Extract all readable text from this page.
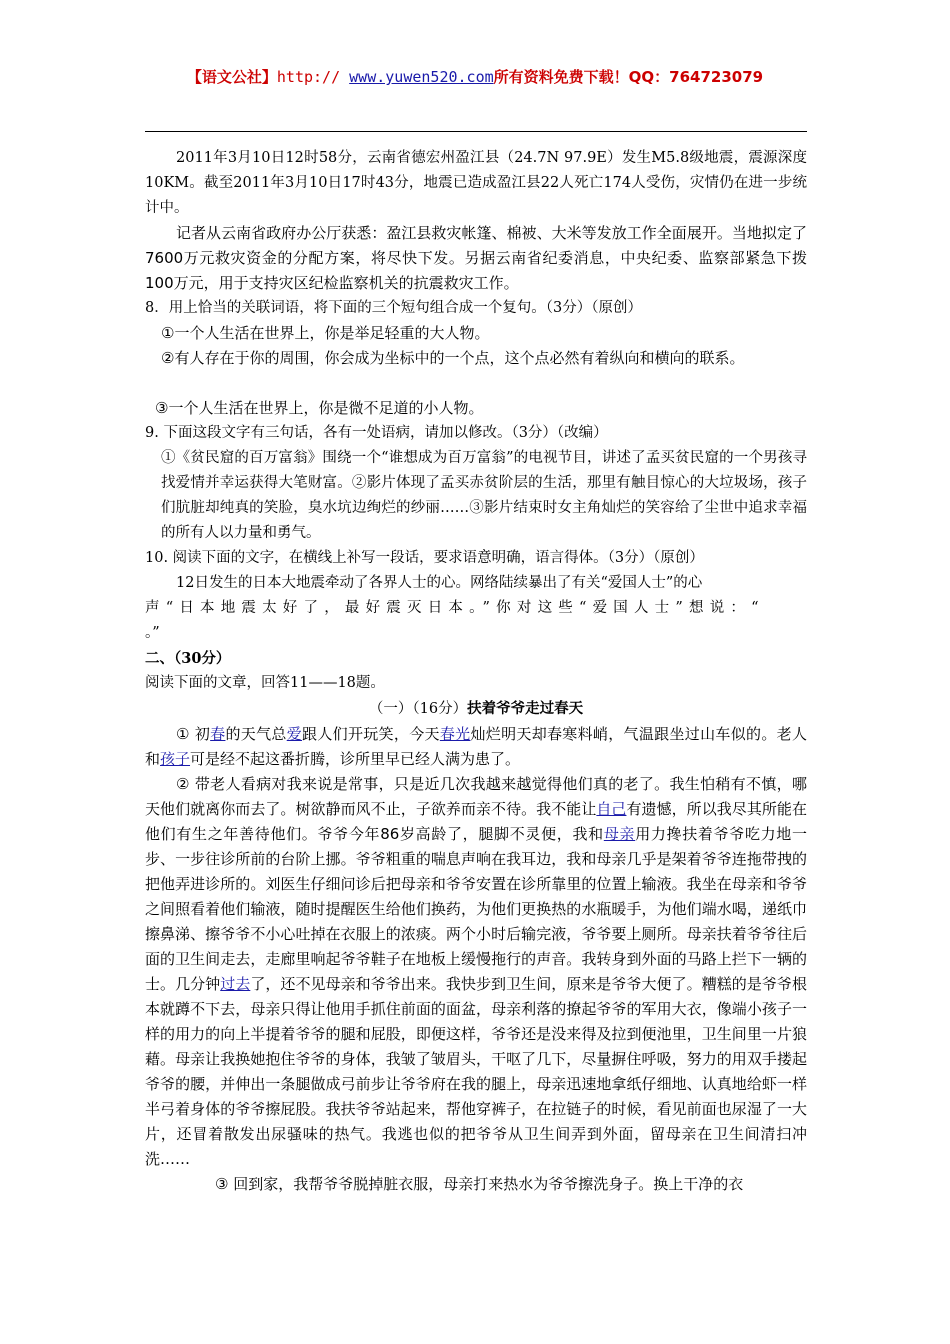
【语文公社】http:// www.yuwen520.com所有资料免费下载！QQ：764723079

2011年3月10日12时58分，云南省德宏州盈江县（24.7N 97.9E）发生M5.8级地震，震源深度10KM。截至2011年3月10日17时43分，地震已造成盈江县22人死亡174人受伤，灾情仍在进一步统计中。

记者从云南省政府办公厅获悉：盈江县救灾帐篷、棉被、大米等发放工作全面展开。当地拟定了7600万元救灾资金的分配方案，将尽快下发。另据云南省纪委消息，中央纪委、监察部紧急下拨100万元，用于支持灾区纪检监察机关的抗震救灾工作。

8．用上恰当的关联词语，将下面的三个短句组合成一个复句。（3分）（原创）

①一个人生活在世界上，你是举足轻重的大人物。

②有人存在于你的周围，你会成为坐标中的一个点，这个点必然有着纵向和横向的联系。

③一个人生活在世界上，你是微不足道的小人物。

9. 下面这段文字有三句话，各有一处语病，请加以修改。（3分）（改编）

①《贫民窟的百万富翁》围绕一个“谁想成为百万富翁”的电视节目，讲述了孟买贫民窟的一个男孩寻找爱情并幸运获得大笔财富。②影片体现了孟买赤贫阶层的生活，那里有触目惊心的大垃圾场，孩子们肮脏却纯真的笑脸，臭水坑边绚烂的纱丽……③影片结束时女主角灿烂的笑容给了尘世中追求幸福的所有人以力量和勇气。

10. 阅读下面的文字，在横线上补写一段话，要求语意明确，语言得体。（3分）（原创）

12日发生的日本大地震牵动了各界人士的心。网络陆续暴出了有关“爱国人士”的心

声“日本地震太好了，最好震灭日本。”你对这些“爱国人士”想说：“

。”

二、（30分）

阅读下面的文章，回答11——18题。

（一）（16分）扶着爷爷走过春天

① 初春的天气总爱跟人们开玩笑，今天春光灿烂明天却春寒料峭，气温跟坐过山车似的。老人和孩子可是经不起这番折腾，诊所里早已经人满为患了。

② 带老人看病对我来说是常事，只是近几次我越来越觉得他们真的老了。我生怕稍有不慎，哪天他们就离你而去了。树欲静而风不止，子欲养而亲不待。我不能让自己有遗憾，所以我尽其所能在他们有生之年善待他们。爷爷今年86岁高龄了，腿脚不灵便，我和母亲用力搀扶着爷爷吃力地一步、一步往诊所前的台阶上挪。爷爷粗重的喘息声响在我耳边，我和母亲几乎是架着爷爷连拖带拽的把他弄进诊所的。刘医生仔细问诊后把母亲和爷爷安置在诊所靠里的位置上输液。我坐在母亲和爷爷之间照看着他们输液，随时提醒医生给他们换药，为他们更换热的水瓶暖手，为他们端水喝，递纸巾擦鼻涕、擦爷爷不小心吐掉在衣服上的浓痰。两个小时后输完液，爷爷要上厕所。母亲扶着爷爷往后面的卫生间走去，走廊里响起爷爷鞋子在地板上缓慢拖行的声音。我转身到外面的马路上拦下一辆的士。几分钟过去了，还不见母亲和爷爷出来。我快步到卫生间，原来是爷爷大便了。糟糕的是爷爷根本就蹲不下去，母亲只得让他用手抓住前面的面盆，母亲利落的撩起爷爷的军用大衣，像端小孩子一样的用力的向上半提着爷爷的腿和屁股，即便这样，爷爷还是没来得及拉到便池里，卫生间里一片狼藉。母亲让我换她抱住爷爷的身体，我皱了皱眉头，干呕了几下，尽量摒住呼吸，努力的用双手搂起爷爷的腰，并伸出一条腿做成弓前步让爷爷府在我的腿上，母亲迅速地拿纸仔细地、认真地给虾一样半弓着身体的爷爷擦屁股。我扶爷爷站起来，帮他穿裤子，在拉链子的时候，看见前面也尿湿了一大片，还冒着散发出尿骚味的热气。我逃也似的把爷爷从卫生间弄到外面，留母亲在卫生间清扫冲洗……

③ 回到家，我帮爷爷脱掉脏衣服，母亲打来热水为爷爷擦洗身子。换上干净的衣
